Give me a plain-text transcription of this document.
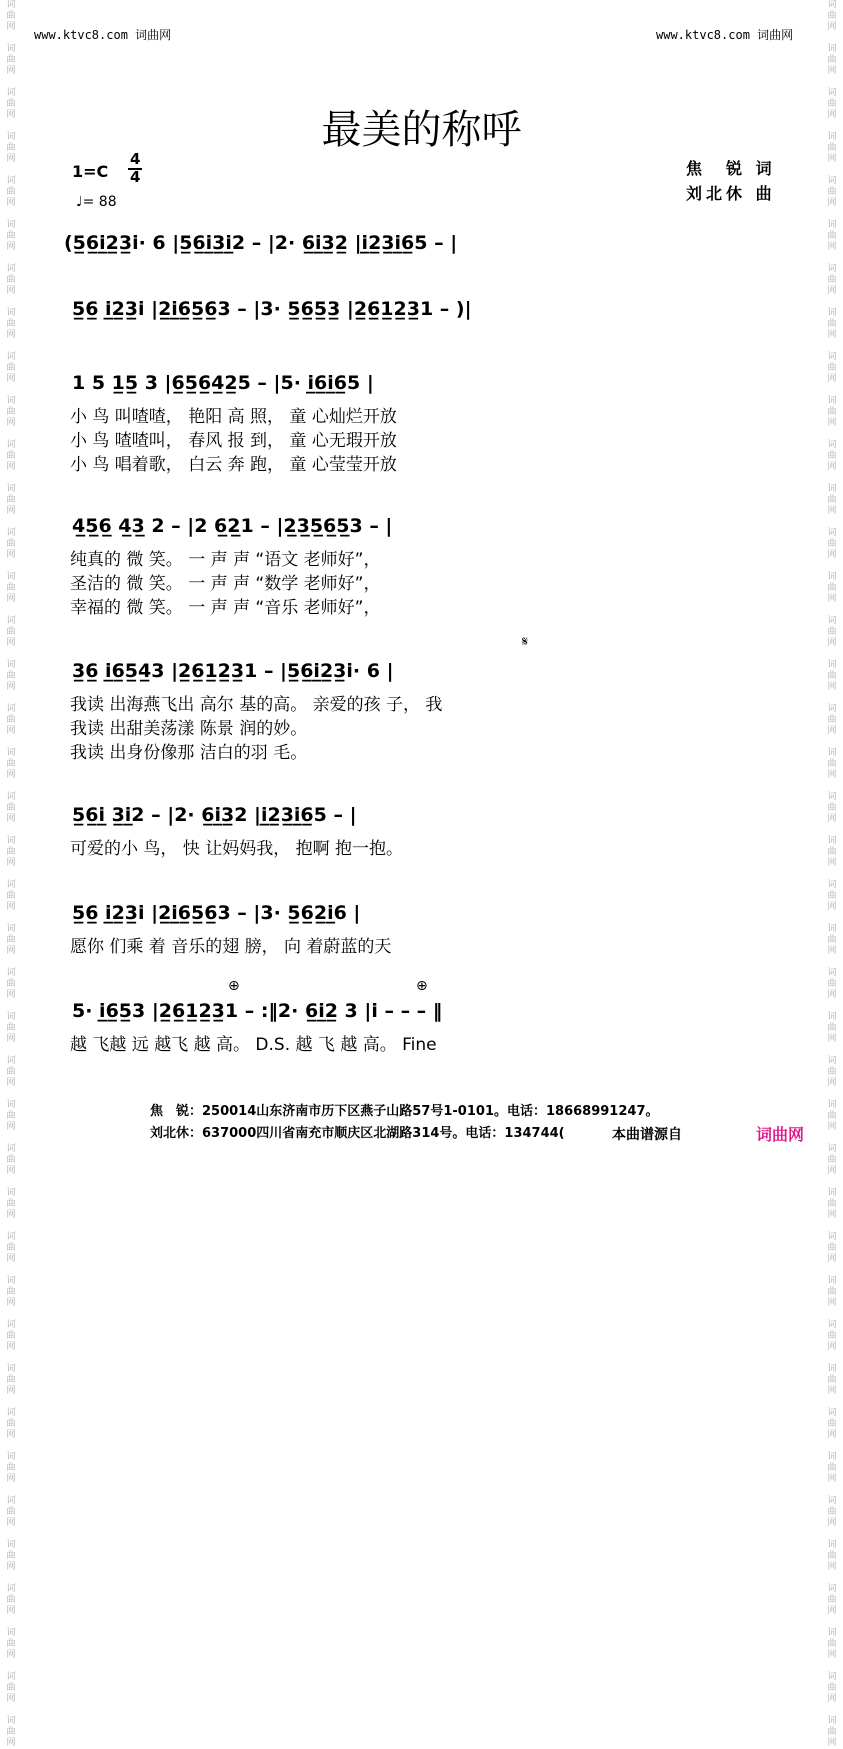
词
曲
网

词
曲
网

词
曲
网

词
曲
网

词
曲
网

词
曲
网

词
曲
网

词
曲
网

词
曲
网

词
曲
网

词
曲
网

词
曲
网

词
曲
网

词
曲
网

词
曲
网

词
曲
网

词
曲
网

词
曲
网

词
曲
网

词
曲
网

词
曲
网

词
曲
网

词
曲
网

词
曲
网

词
曲
网

词
曲
网

词
曲
网

词
曲
网

词
曲
网

词
曲
网

词
曲
网

词
曲
网

词
曲
网

词
曲
网

词
曲
网

词
曲
网

词
曲
网

词
曲
网

词
曲
网

词
曲
网

词
曲
网

词
曲
网

词
曲
网

词
曲
网

词
曲
网

词
曲
网

词
曲
网

词
曲
网

词
曲
网

词
曲
网

词
曲
网

词
曲
网

词
曲
网

词
曲
网

词
曲
网

词
曲
网

词
曲
网

词
曲
网

词
曲
网

词
曲
网

词
曲
网

词
曲
网

词
曲
网

词
曲
网

词
曲
网

词
曲
网

词
曲
网

词
曲
网

词
曲
网

词
曲
网

词
曲
网

词
曲
网

词
曲
网

词
曲
网

词
曲
网

词
曲
网

词
曲
网

词
曲
网

词
曲
网

词
曲
网

www.ktvc8.com 词曲网	www.ktvc8.com 词曲网
最美的称呼
1=C
4
4
♩= 88
焦　锐 词
刘北休 曲
(5̲6̲i̲2̲3̲i· 6 |5̲6̲i̲3̲i̲2 – |2· 6̲i̲3̲2̲ |i̲2̲3̲i̲6̲5 – |
5̲6̲ i̲2̲3̲i |2̲i̲6̲5̲6̲3 – |3· 5̲6̲5̲3̲ |2̲6̲1̲2̲3̲1 – )|
1 5 1̲5̲ 3 |6̲5̲6̲4̲2̲5 – |5· i̲6̲i̲6̲5 |
小 鸟 叫喳喳， 艳阳 高 照， 童 心灿烂开放
小 鸟 喳喳叫， 春风 报 到， 童 心无瑕开放
小 鸟 唱着歌， 白云 奔 跑， 童 心莹莹开放
4̲5̲6̲ 4̲3̲ 2 – |2 6̲2̲1 – |2̲3̲5̲6̲5̲3 – |
纯真的 微 笑。 一 声 声 “语文 老师好”，
圣洁的 微 笑。 一 声 声 “数学 老师好”，
幸福的 微 笑。 一 声 声 “音乐 老师好”，
𝄋
3̲6̲ i̲6̲5̲4̲3 |2̲6̲1̲2̲3̲1 – |5̲6̲i̲2̲3̲i· 6 |
我读 出海燕飞出 高尔 基的高。 亲爱的孩 子， 我
我读 出甜美荡漾 陈景 润的妙。
我读 出身份像那 洁白的羽 毛。
5̲6̲i̲ 3̲i̲2 – |2· 6̲i̲3̲2 |i̲2̲3̲i̲6̲5 – |
可爱的小 鸟， 快 让妈妈我， 抱啊 抱一抱。
5̲6̲ i̲2̲3̲i |2̲i̲6̲5̲6̲3 – |3· 5̲6̲2̲i̲6 |
愿你 们乘 着 音乐的翅 膀， 向 着蔚蓝的天
⊕	⊕
5· i̲6̲5̲3 |2̲6̲1̲2̲3̲1 – :‖2· 6̲i̲2̲ 3 |i – – – ‖
越 飞越 远 越飞 越 高。 D.S. 越 飞 越 高。 Fine
焦　锐：250014山东济南市历下区燕子山路57号1-0101。电话：18668991247。
刘北休：637000四川省南充市顺庆区北湖路314号。电话：134744(	本曲谱源自	词曲网
